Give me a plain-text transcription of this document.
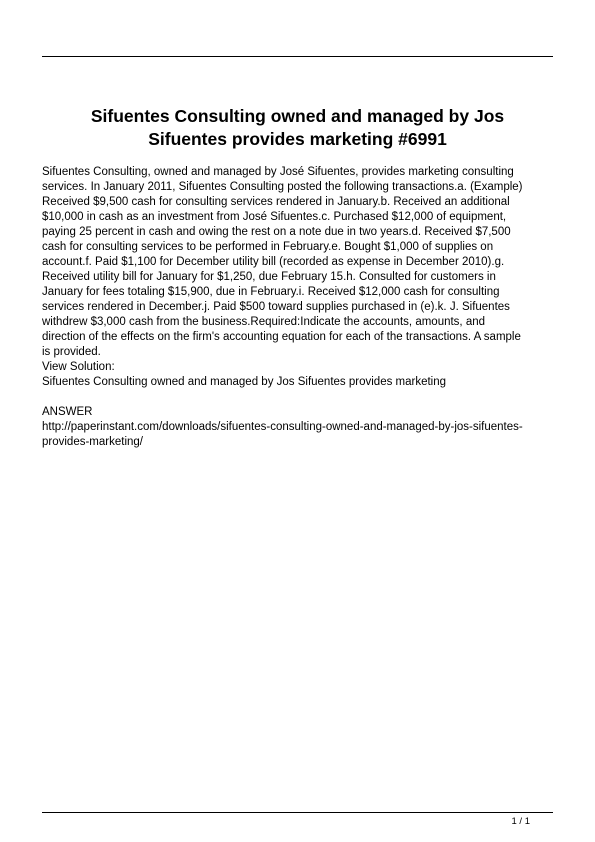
Sifuentes Consulting owned and managed by Jos
Sifuentes provides marketing #6991
Sifuentes Consulting, owned and managed by José Sifuentes, provides marketing consulting
services. In January 2011, Sifuentes Consulting posted the following transactions.a. (Example)
Received $9,500 cash for consulting services rendered in January.b. Received an additional
$10,000 in cash as an investment from José Sifuentes.c. Purchased $12,000 of equipment,
paying 25 percent in cash and owing the rest on a note due in two years.d. Received $7,500
cash for consulting services to be performed in February.e. Bought $1,000 of supplies on
account.f. Paid $1,100 for December utility bill (recorded as expense in December 2010).g.
Received utility bill for January for $1,250, due February 15.h. Consulted for customers in
January for fees totaling $15,900, due in February.i. Received $12,000 cash for consulting
services rendered in December.j. Paid $500 toward supplies purchased in (e).k. J. Sifuentes
withdrew $3,000 cash from the business.Required:Indicate the accounts, amounts, and
direction of the effects on the firm's accounting equation for each of the transactions. A sample
is provided.
View Solution:
Sifuentes Consulting owned and managed by Jos Sifuentes provides marketing
ANSWER
http://paperinstant.com/downloads/sifuentes-consulting-owned-and-managed-by-jos-sifuentes-
provides-marketing/
1 / 1
